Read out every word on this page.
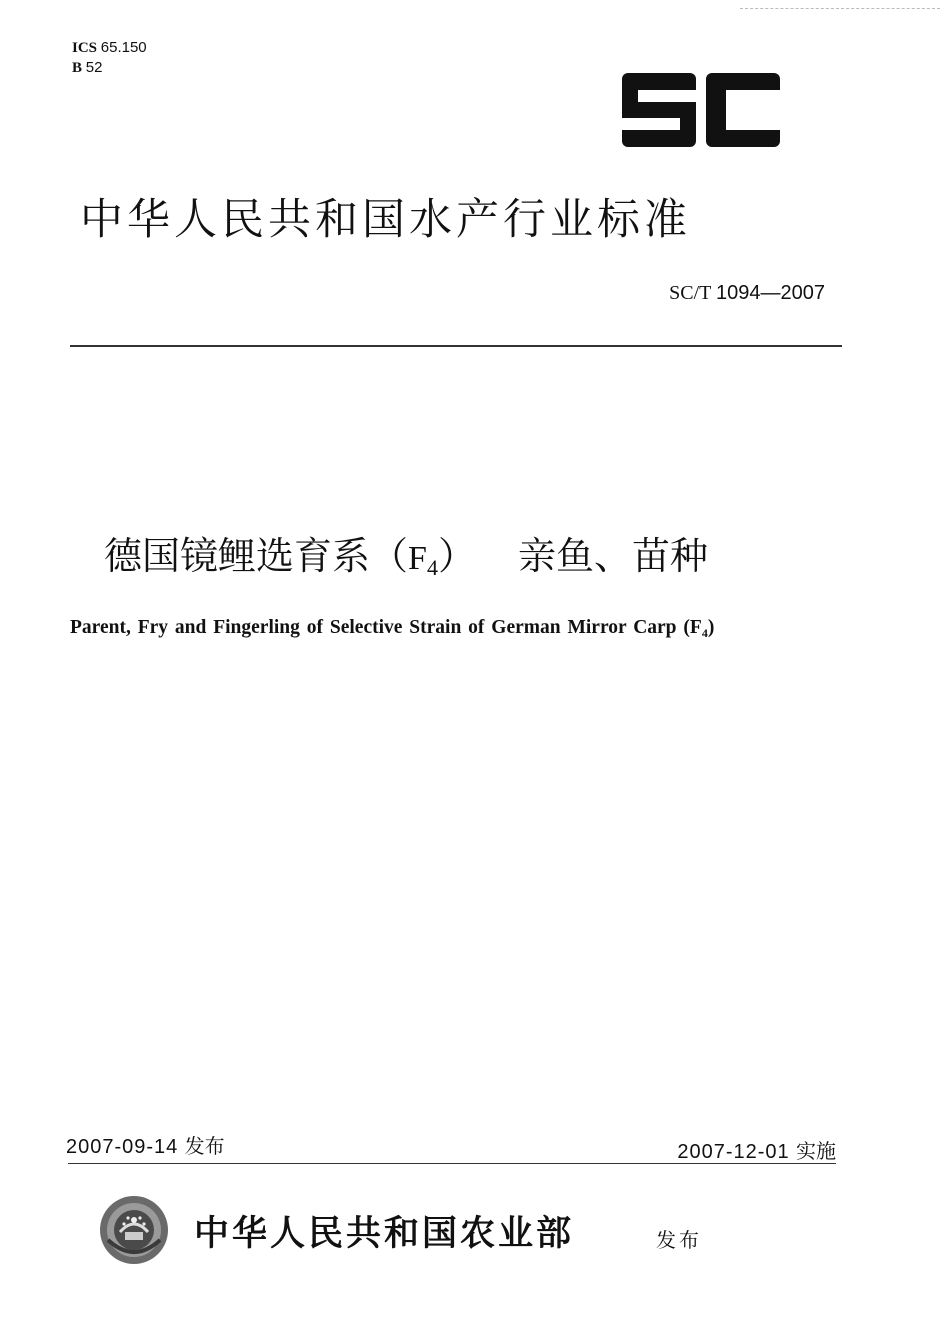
ICS 65.150
B 52
中华人民共和国水产行业标准
SC/T 1094—2007
德国镜鲤选育系$(F_4)$ 亲鱼、苗种
Parent, Fry and Fingerling of Selective Strain of German Mirror Carp $(F_4)$
2007-09-14 发布	2007-12-01 实施
中华人民共和国农业部	发布
